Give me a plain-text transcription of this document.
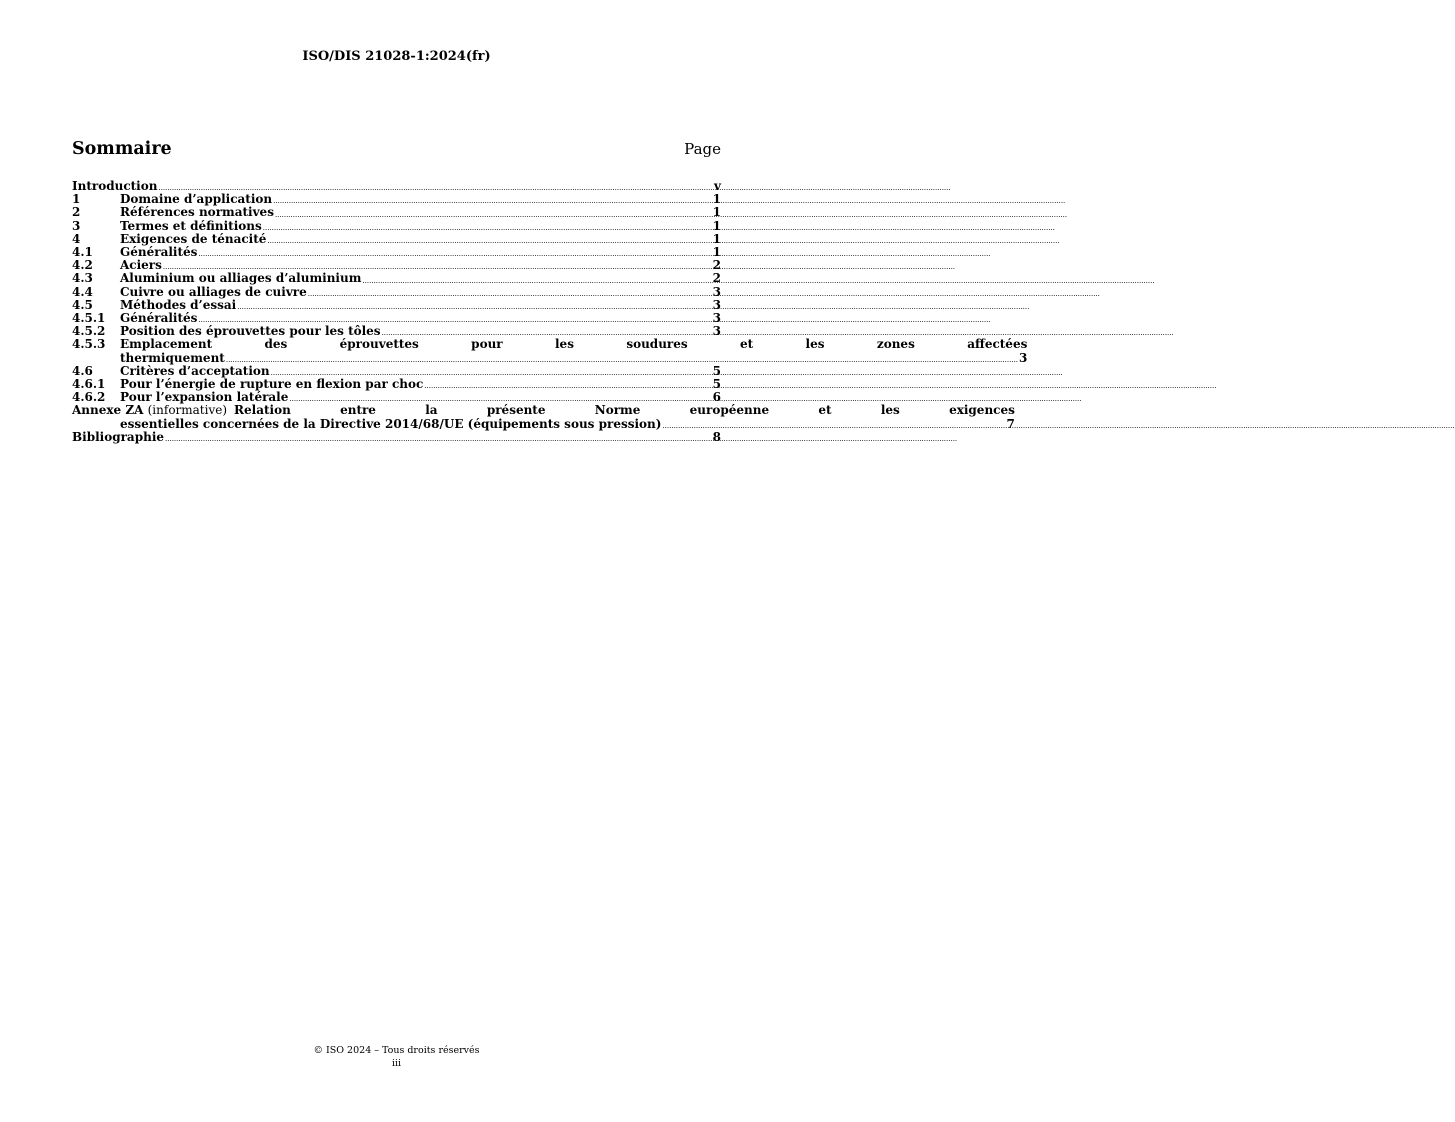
ISO/DIS 21028-1:2024(fr)
Sommaire	Page
Introduction .....	v
1	Domaine d’application .....	1
2	Références normatives .....	1
3	Termes et définitions .....	1
4	Exigences de ténacité .....	1
4.1	Généralités .....	1
4.2	Aciers .....	2
4.3	Aluminium ou alliages d’aluminium .....	2
4.4	Cuivre ou alliages de cuivre .....	3
4.5	Méthodes d’essai .....	3
4.5.1	Généralités .....	3
4.5.2	Position des éprouvettes pour les tôles .....	3
4.5.3	Emplacement des éprouvettes pour les soudures et les zones affectées
thermiquement .....	3
4.6	Critères d’acceptation .....	5
4.6.1	Pour l’énergie de rupture en flexion par choc .....	5
4.6.2	Pour l’expansion latérale .....	6
Annexe ZA (informative) Relation entre la présente Norme européenne et les exigences
essentielles concernées de la Directive 2014/68/UE (équipements sous pression) .....	7
Bibliographie .....	8
© ISO 2024 – Tous droits réservés
iii
